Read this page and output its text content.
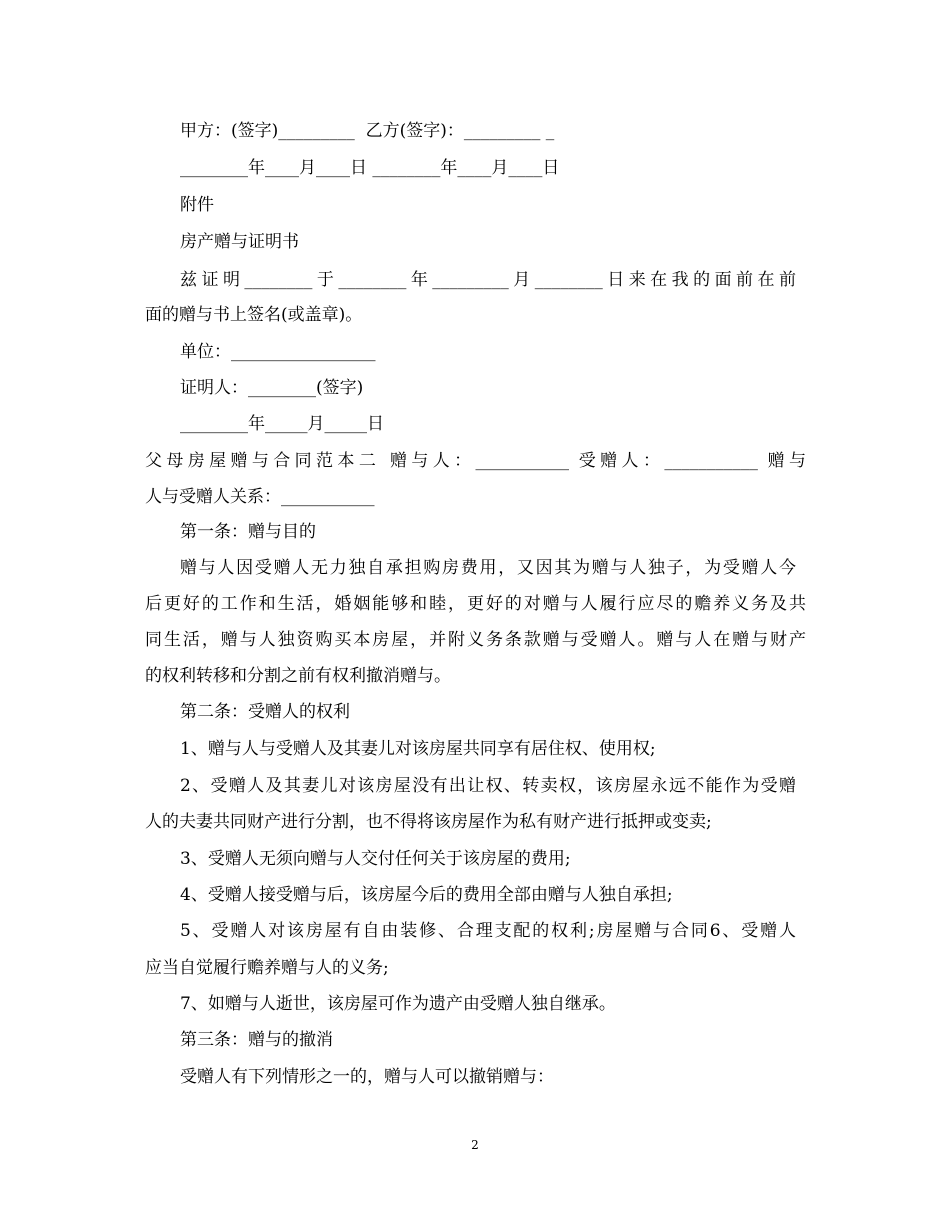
甲方：(签字)_________  乙方(签字)：_________ _

________年____月____日 ________年____月____日

附件

房产赠与证明书

兹证明________于________年_________月________日来在我的面前在前

面的赠与书上签名(或盖章)。

单位：_________________

证明人：________(签字)

________年_____月_____日

父母房屋赠与合同范本二 赠与人：___________ 受赠人：___________ 赠与

人与受赠人关系：___________

第一条：赠与目的

赠与人因受赠人无力独自承担购房费用，又因其为赠与人独子，为受赠人今

后更好的工作和生活，婚姻能够和睦，更好的对赠与人履行应尽的赡养义务及共

同生活，赠与人独资购买本房屋，并附义务条款赠与受赠人。赠与人在赠与财产

的权利转移和分割之前有权利撤消赠与。

第二条：受赠人的权利

1、赠与人与受赠人及其妻儿对该房屋共同享有居住权、使用权;

2、受赠人及其妻儿对该房屋没有出让权、转卖权，该房屋永远不能作为受赠

人的夫妻共同财产进行分割，也不得将该房屋作为私有财产进行抵押或变卖;

3、受赠人无须向赠与人交付任何关于该房屋的费用;

4、受赠人接受赠与后，该房屋今后的费用全部由赠与人独自承担;

5、受赠人对该房屋有自由装修、合理支配的权利;房屋赠与合同6、受赠人

应当自觉履行赡养赠与人的义务;

7、如赠与人逝世，该房屋可作为遗产由受赠人独自继承。

第三条：赠与的撤消

受赠人有下列情形之一的，赠与人可以撤销赠与：

2
